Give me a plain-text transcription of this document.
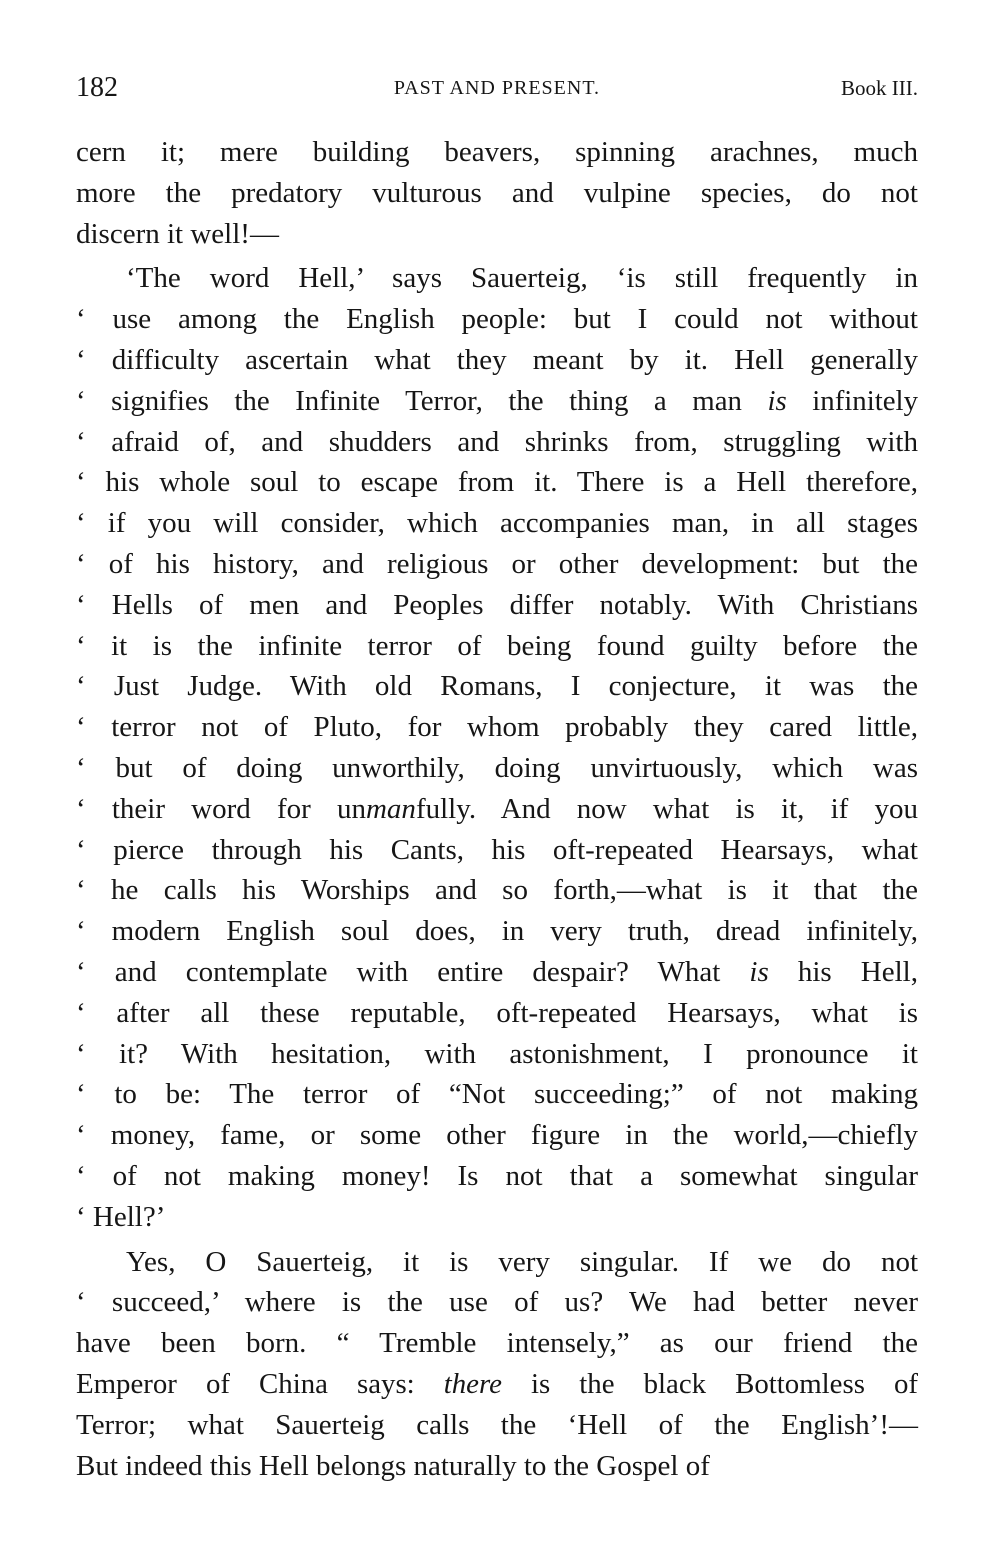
182	PAST AND PRESENT.	Book III.
cern it; mere building beavers, spinning arachnes, much
more the predatory vulturous and vulpine species, do not
discern it well!—
‘The word Hell,’ says Sauerteig, ‘is still frequently in
‘ use among the English people: but I could not without
‘ difficulty ascertain what they meant by it. Hell generally
‘ signifies the Infinite Terror, the thing a man is infinitely
‘ afraid of, and shudders and shrinks from, struggling with
‘ his whole soul to escape from it. There is a Hell therefore,
‘ if you will consider, which accompanies man, in all stages
‘ of his history, and religious or other development: but the
‘ Hells of men and Peoples differ notably. With Christians
‘ it is the infinite terror of being found guilty before the
‘ Just Judge. With old Romans, I conjecture, it was the
‘ terror not of Pluto, for whom probably they cared little,
‘ but of doing unworthily, doing unvirtuously, which was
‘ their word for unmanfully. And now what is it, if you
‘ pierce through his Cants, his oft-repeated Hearsays, what
‘ he calls his Worships and so forth,—what is it that the
‘ modern English soul does, in very truth, dread infinitely,
‘ and contemplate with entire despair? What is his Hell,
‘ after all these reputable, oft-repeated Hearsays, what is
‘ it? With hesitation, with astonishment, I pronounce it
‘ to be: The terror of “Not succeeding;” of not making
‘ money, fame, or some other figure in the world,—chiefly
‘ of not making money! Is not that a somewhat singular
‘ Hell?’
Yes, O Sauerteig, it is very singular. If we do not
‘ succeed,’ where is the use of us? We had better never
have been born. “ Tremble intensely,” as our friend the
Emperor of China says: there is the black Bottomless of
Terror; what Sauerteig calls the ‘Hell of the English’!—
But indeed this Hell belongs naturally to the Gospel of
